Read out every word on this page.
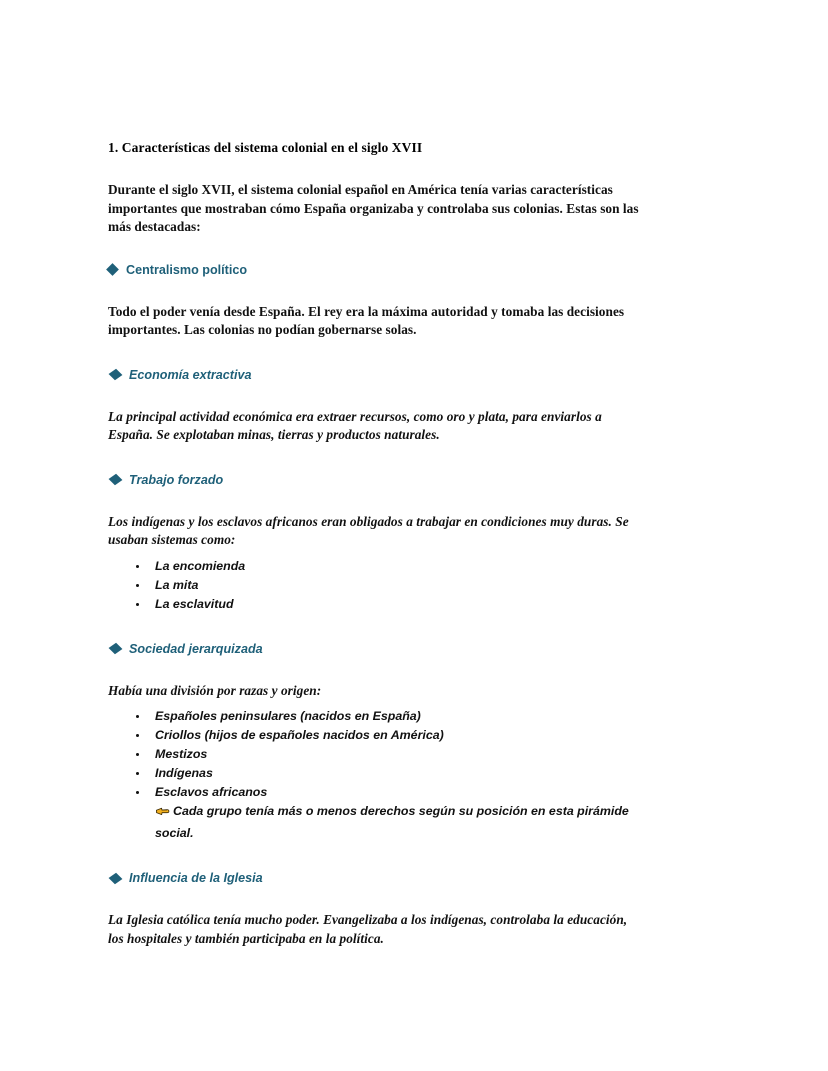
1. Características del sistema colonial en el siglo XVII

Durante el siglo XVII, el sistema colonial español en América tenía varias características importantes que mostraban cómo España organizaba y controlaba sus colonias. Estas son las más destacadas:

Centralismo político

Todo el poder venía desde España. El rey era la máxima autoridad y tomaba las decisiones importantes. Las colonias no podían gobernarse solas.

Economía extractiva

La principal actividad económica era extraer recursos, como oro y plata, para enviarlos a España. Se explotaban minas, tierras y productos naturales.

Trabajo forzado

Los indígenas y los esclavos africanos eran obligados a trabajar en condiciones muy duras. Se usaban sistemas como:

La encomienda
La mita
La esclavitud
Sociedad jerarquizada

Había una división por razas y origen:

Españoles peninsulares (nacidos en España)
Criollos (hijos de españoles nacidos en América)
Mestizos
Indígenas
Esclavos africanos

Cada grupo tenía más o menos derechos según su posición en esta pirámide social.

Influencia de la Iglesia

La Iglesia católica tenía mucho poder. Evangelizaba a los indígenas, controlaba la educación, los hospitales y también participaba en la política.
